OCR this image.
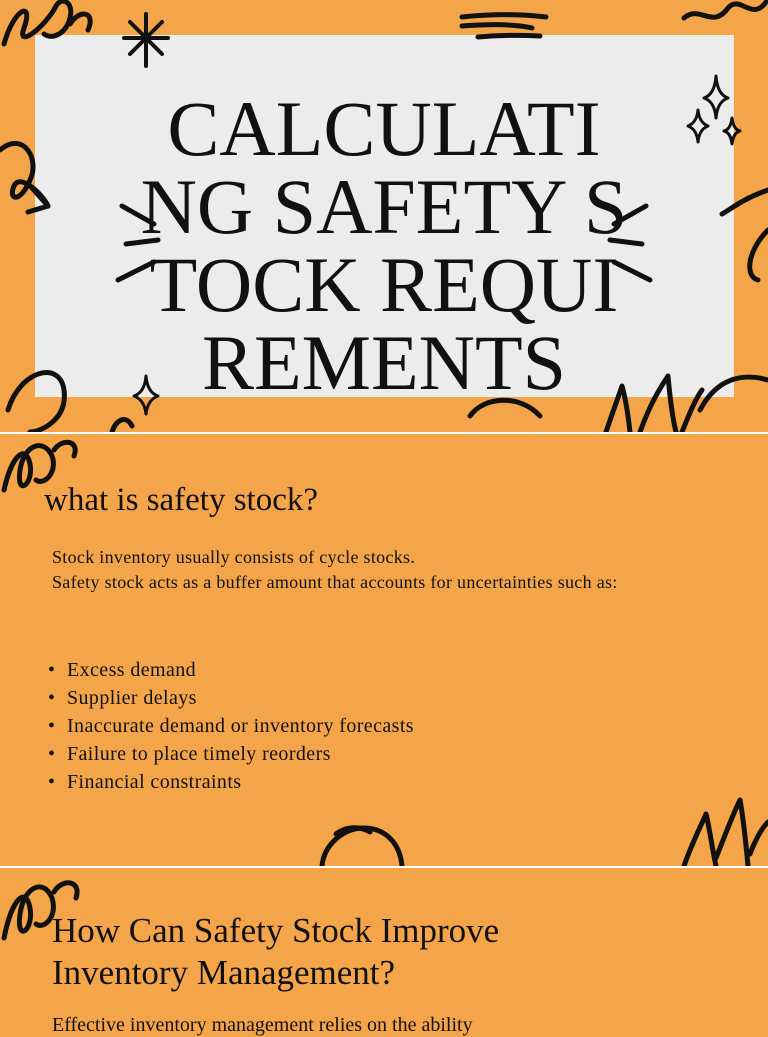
CALCULATING SAFETY STOCK REQUIREMENTS
what is safety stock?
Stock inventory usually consists of cycle stocks.
Safety stock acts as a buffer amount that accounts for uncertainties such as:
• Excess demand
• Supplier delays
• Inaccurate demand or inventory forecasts
• Failure to place timely reorders
• Financial constraints
How Can Safety Stock Improve Inventory Management?
Effective inventory management relies on the ability
